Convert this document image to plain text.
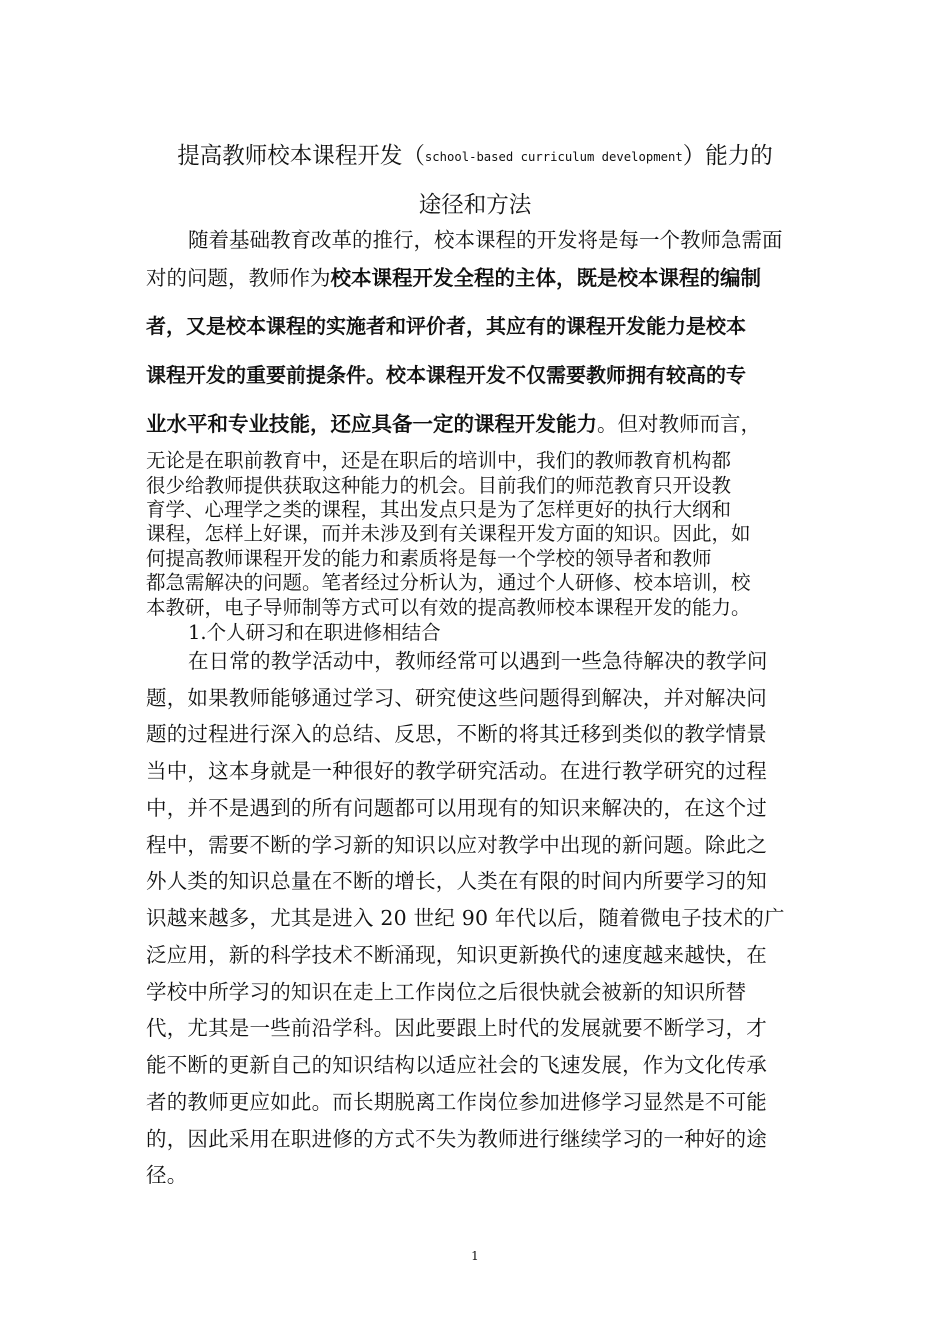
提高教师校本课程开发（school-based curriculum development）能力的
途径和方法
随着基础教育改革的推行，校本课程的开发将是每一个教师急需面
对的问题，教师作为校本课程开发全程的主体，既是校本课程的编制
者，又是校本课程的实施者和评价者，其应有的课程开发能力是校本
课程开发的重要前提条件。校本课程开发不仅需要教师拥有较高的专
业水平和专业技能，还应具备一定的课程开发能力。但对教师而言，
无论是在职前教育中，还是在职后的培训中，我们的教师教育机构都
很少给教师提供获取这种能力的机会。目前我们的师范教育只开设教
育学、心理学之类的课程，其出发点只是为了怎样更好的执行大纲和
课程，怎样上好课，而并未涉及到有关课程开发方面的知识。因此，如
何提高教师课程开发的能力和素质将是每一个学校的领导者和教师
都急需解决的问题。笔者经过分析认为，通过个人研修、校本培训，校
本教研，电子导师制等方式可以有效的提高教师校本课程开发的能力。
1.个人研习和在职进修相结合
在日常的教学活动中，教师经常可以遇到一些急待解决的教学问
题，如果教师能够通过学习、研究使这些问题得到解决，并对解决问
题的过程进行深入的总结、反思，不断的将其迁移到类似的教学情景
当中，这本身就是一种很好的教学研究活动。在进行教学研究的过程
中，并不是遇到的所有问题都可以用现有的知识来解决的，在这个过
程中，需要不断的学习新的知识以应对教学中出现的新问题。除此之
外人类的知识总量在不断的增长，人类在有限的时间内所要学习的知
识越来越多，尤其是进入 20 世纪 90 年代以后，随着微电子技术的广
泛应用，新的科学技术不断涌现，知识更新换代的速度越来越快，在
学校中所学习的知识在走上工作岗位之后很快就会被新的知识所替
代，尤其是一些前沿学科。因此要跟上时代的发展就要不断学习，才
能不断的更新自己的知识结构以适应社会的飞速发展，作为文化传承
者的教师更应如此。而长期脱离工作岗位参加进修学习显然是不可能
的，因此采用在职进修的方式不失为教师进行继续学习的一种好的途
径。
1
